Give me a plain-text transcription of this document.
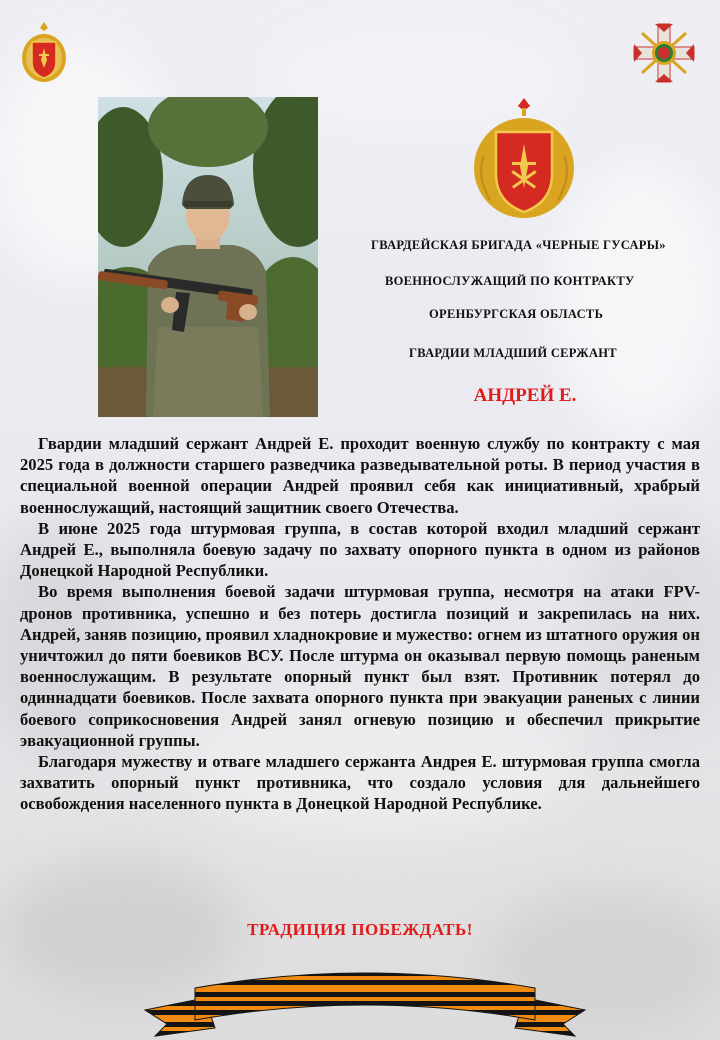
ГВАРДЕЙСКАЯ БРИГАДА «ЧЕРНЫЕ ГУСАРЫ»
ВОЕННОСЛУЖАЩИЙ ПО КОНТРАКТУ
ОРЕНБУРГСКАЯ ОБЛАСТЬ
ГВАРДИИ МЛАДШИЙ СЕРЖАНТ
АНДРЕЙ Е.

Гвардии младший сержант Андрей Е. проходит военную службу по контракту с мая 2025 года в должности старшего разведчика разведывательной роты. В период участия в специальной военной операции Андрей проявил себя как инициативный, храбрый военнослужащий, настоящий защитник своего Отечества.

В июне 2025 года штурмовая группа, в состав которой входил младший сержант Андрей Е., выполняла боевую задачу по захвату опорного пункта в одном из районов Донецкой Народной Республики.

Во время выполнения боевой задачи штурмовая группа, несмотря на атаки FPV-дронов противника, успешно и без потерь достигла позиций и закрепилась на них. Андрей, заняв позицию, проявил хладнокровие и мужество: огнем из штатного оружия он уничтожил до пяти боевиков ВСУ. После штурма он оказывал первую помощь раненым военнослужащим. В результате опорный пункт был взят. Противник потерял до одиннадцати боевиков. После захвата опорного пункта при эвакуации раненых с линии боевого соприкосновения Андрей занял огневую позицию и обеспечил прикрытие эвакуационной группы.

Благодаря мужеству и отваге младшего сержанта Андрея Е. штурмовая группа смогла захватить опорный пункт противника, что создало условия для дальнейшего освобождения населенного пункта в Донецкой Народной Республике.

ТРАДИЦИЯ ПОБЕЖДАТЬ!
